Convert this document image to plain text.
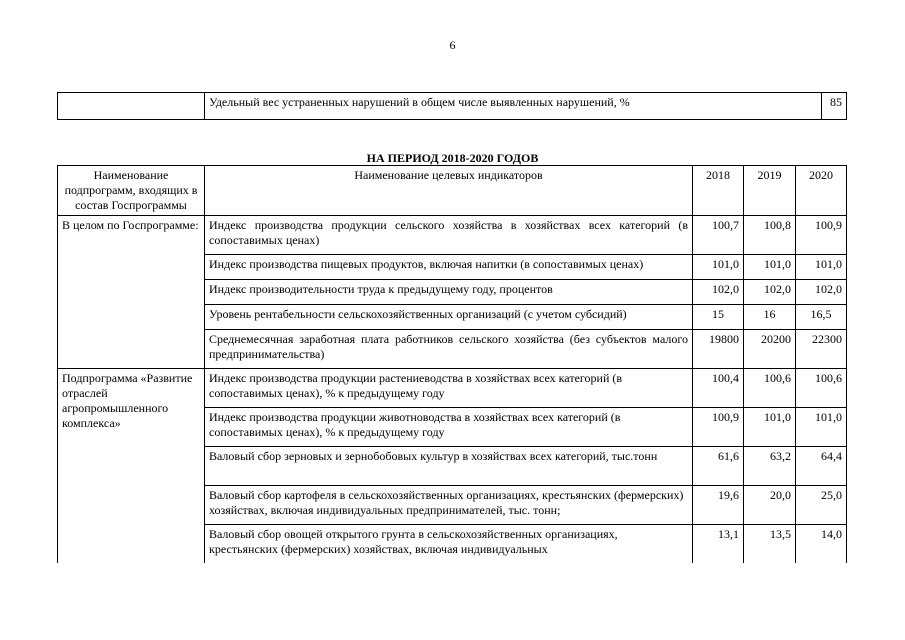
6
	Удельный вес устраненных нарушений в общем числе выявленных нарушений, %	85
НА ПЕРИОД 2018-2020 ГОДОВ
Наименование подпрограмм, входящих в состав Госпрограммы	Наименование целевых индикаторов	2018	2019	2020
В целом по Госпрограмме:	Индекс производства продукции сельского хозяйства в хозяйствах всех категорий (в сопоставимых ценах)	100,7	100,8	100,9
	Индекс производства пищевых продуктов, включая напитки (в сопоставимых ценах)	101,0	101,0	101,0
	Индекс производительности труда к предыдущему году, процентов	102,0	102,0	102,0
	Уровень рентабельности сельскохозяйственных организаций (с учетом субсидий)	15	16	16,5
	Среднемесячная заработная плата работников сельского хозяйства (без субъектов малого предпринимательства)	19800	20200	22300
Подпрограмма «Развитие отраслей агропромышленного комплекса»	Индекс производства продукции растениеводства в хозяйствах всех категорий (в сопоставимых ценах), % к предыдущему году	100,4	100,6	100,6
	Индекс производства продукции животноводства в хозяйствах всех категорий (в сопоставимых ценах), % к предыдущему году	100,9	101,0	101,0
	Валовый сбор зерновых и зернобобовых культур в хозяйствах всех категорий, тыс.тонн	61,6	63,2	64,4
	Валовый сбор картофеля в сельскохозяйственных организациях, крестьянских (фермерских) хозяйствах, включая индивидуальных предпринимателей, тыс. тонн;	19,6	20,0	25,0
	Валовый сбор овощей открытого грунта в сельскохозяйственных организациях, крестьянских (фермерских) хозяйствах, включая индивидуальных	13,1	13,5	14,0
